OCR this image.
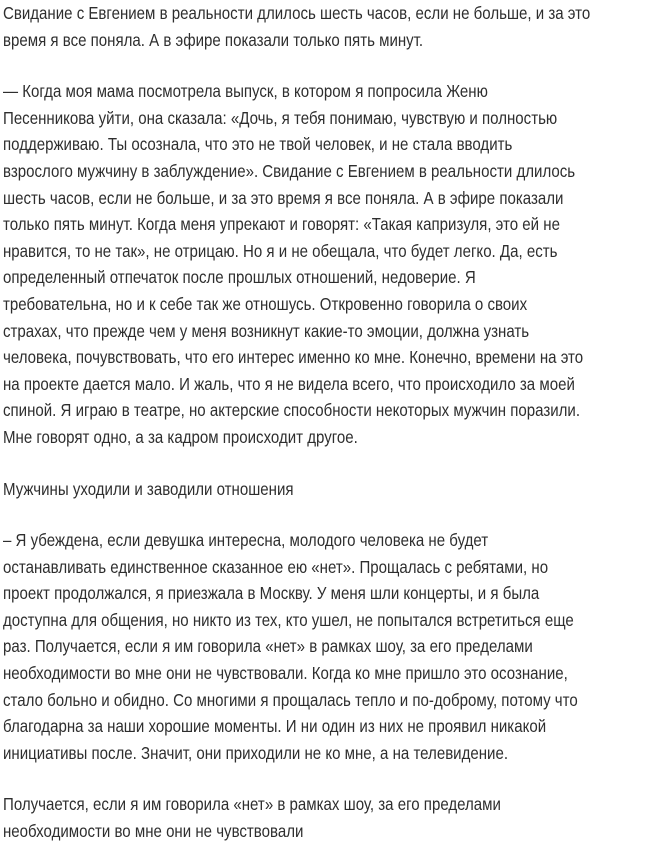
Свидание с Евгением в реальности длилось шесть часов, если не больше, и за это
время я все поняла. А в эфире показали только пять минут.
— Когда моя мама посмотрела выпуск, в котором я попросила Женю
Песенникова уйти, она сказала: «Дочь, я тебя понимаю, чувствую и полностью
поддерживаю. Ты осознала, что это не твой человек, и не стала вводить
взрослого мужчину в заблуждение». Свидание с Евгением в реальности длилось
шесть часов, если не больше, и за это время я все поняла. А в эфире показали
только пять минут. Когда меня упрекают и говорят: «Такая капризуля, это ей не
нравится, то не так», не отрицаю. Но я и не обещала, что будет легко. Да, есть
определенный отпечаток после прошлых отношений, недоверие. Я
требовательна, но и к себе так же отношусь. Откровенно говорила о своих
страхах, что прежде чем у меня возникнут какие-то эмоции, должна узнать
человека, почувствовать, что его интерес именно ко мне. Конечно, времени на это
на проекте дается мало. И жаль, что я не видела всего, что происходило за моей
спиной. Я играю в театре, но актерские способности некоторых мужчин поразили.
Мне говорят одно, а за кадром происходит другое.
Мужчины уходили и заводили отношения
– Я убеждена, если девушка интересна, молодого человека не будет
останавливать единственное сказанное ею «нет». Прощалась с ребятами, но
проект продолжался, я приезжала в Москву. У меня шли концерты, и я была
доступна для общения, но никто из тех, кто ушел, не попытался встретиться еще
раз. Получается, если я им говорила «нет» в рамках шоу, за его пределами
необходимости во мне они не чувствовали. Когда ко мне пришло это осознание,
стало больно и обидно. Со многими я прощалась тепло и по-доброму, потому что
благодарна за наши хорошие моменты. И ни один из них не проявил никакой
инициативы после. Значит, они приходили не ко мне, а на телевидение.
Получается, если я им говорила «нет» в рамках шоу, за его пределами
необходимости во мне они не чувствовали
